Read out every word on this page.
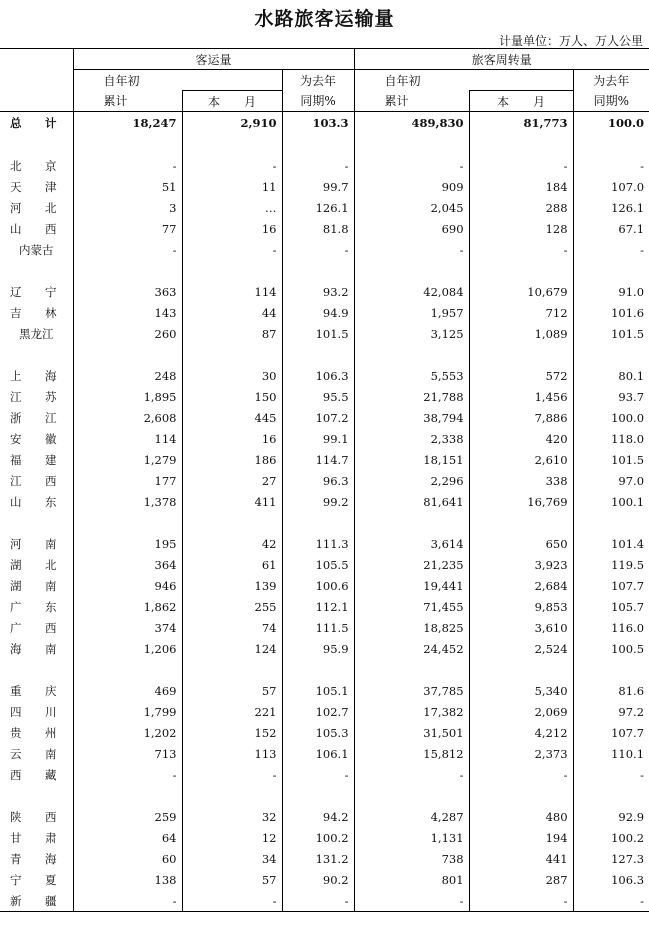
水路旅客运输量
计量单位：万人、万人公里
	客运量			旅客周转量		
	自年初		为去年	自年初		为去年
	累计	本　　月	同期%	累计	本　　月	同期%
总　计	18,247	2,910	103.3	489,830	81,773	100.0

北　京	-	-	-	-	-	-
天　津	51	11	99.7	909	184	107.0
河　北	3	…	126.1	2,045	288	126.1
山　西	77	16	81.8	690	128	67.1
内蒙古	-	-	-	-	-	-

辽　宁	363	114	93.2	42,084	10,679	91.0
吉　林	143	44	94.9	1,957	712	101.6
黑龙江	260	87	101.5	3,125	1,089	101.5

上　海	248	30	106.3	5,553	572	80.1
江　苏	1,895	150	95.5	21,788	1,456	93.7
浙　江	2,608	445	107.2	38,794	7,886	100.0
安　徽	114	16	99.1	2,338	420	118.0
福　建	1,279	186	114.7	18,151	2,610	101.5
江　西	177	27	96.3	2,296	338	97.0
山　东	1,378	411	99.2	81,641	16,769	100.1

河　南	195	42	111.3	3,614	650	101.4
湖　北	364	61	105.5	21,235	3,923	119.5
湖　南	946	139	100.6	19,441	2,684	107.7
广　东	1,862	255	112.1	71,455	9,853	105.7
广　西	374	74	111.5	18,825	3,610	116.0
海　南	1,206	124	95.9	24,452	2,524	100.5

重　庆	469	57	105.1	37,785	5,340	81.6
四　川	1,799	221	102.7	17,382	2,069	97.2
贵　州	1,202	152	105.3	31,501	4,212	107.7
云　南	713	113	106.1	15,812	2,373	110.1
西　藏	-	-	-	-	-	-

陕　西	259	32	94.2	4,287	480	92.9
甘　肃	64	12	100.2	1,131	194	100.2
青　海	60	34	131.2	738	441	127.3
宁　夏	138	57	90.2	801	287	106.3
新　疆	-	-	-	-	-	-
